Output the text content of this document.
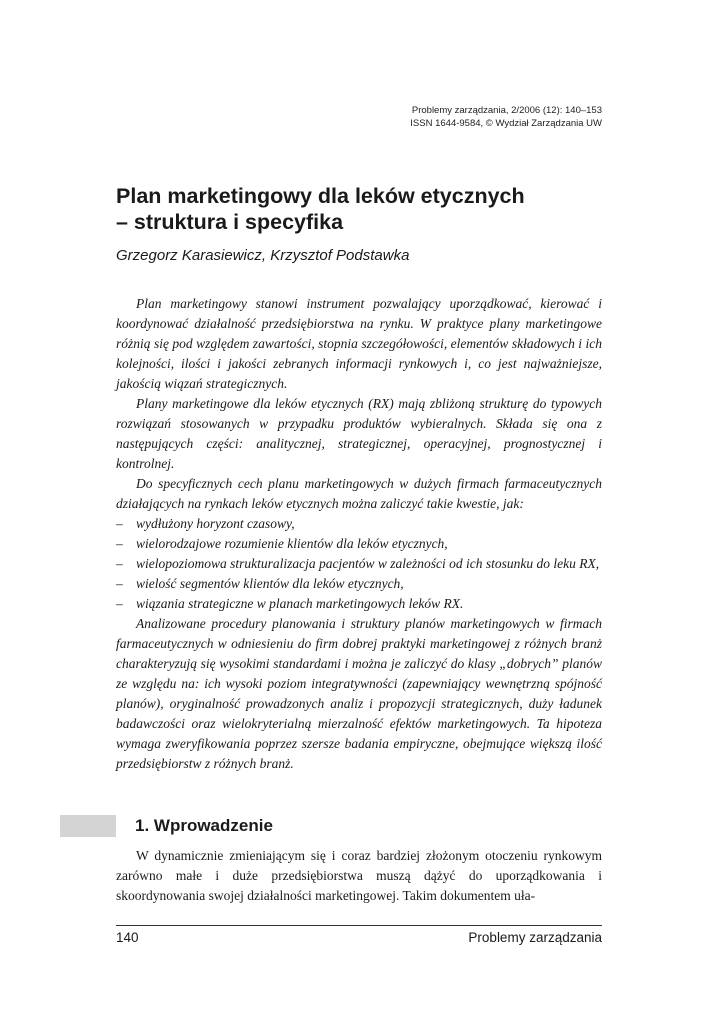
Problemy zarządzania, 2/2006 (12): 140–153
ISSN 1644-9584, © Wydział Zarządzania UW
Plan marketingowy dla leków etycznych
– struktura i specyfika
Grzegorz Karasiewicz, Krzysztof Podstawka

Plan marketingowy stanowi instrument pozwalający uporządkować, kierować i koordynować działalność przedsiębiorstwa na rynku. W praktyce plany marketingowe różnią się pod względem zawartości, stopnia szczegółowości, elementów składowych i ich kolejności, ilości i jakości zebranych informacji rynkowych i, co jest najważniejsze, jakością wiązań strategicznych.

Plany marketingowe dla leków etycznych (RX) mają zbliżoną strukturę do typowych rozwiązań stosowanych w przypadku produktów wybieralnych. Składa się ona z następujących części: analitycznej, strategicznej, operacyjnej, prognostycznej i kontrolnej.

Do specyficznych cech planu marketingowych w dużych firmach farmaceutycznych działających na rynkach leków etycznych można zaliczyć takie kwestie, jak:

– wydłużony horyzont czasowy,
– wielorodzajowe rozumienie klientów dla leków etycznych,
– wielopoziomowa strukturalizacja pacjentów w zależności od ich stosunku do leku RX,
– wielość segmentów klientów dla leków etycznych,
– wiązania strategiczne w planach marketingowych leków RX.

Analizowane procedury planowania i struktury planów marketingowych w firmach farmaceutycznych w odniesieniu do firm dobrej praktyki marketingowej z różnych branż charakteryzują się wysokimi standardami i można je zaliczyć do klasy „dobrych” planów ze względu na: ich wysoki poziom integratywności (zapewniający wewnętrzną spójność planów), oryginalność prowadzonych analiz i propozycji strategicznych, duży ładunek badawczości oraz wielokryterialną mierzalność efektów marketingowych. Ta hipoteza wymaga zweryfikowania poprzez szersze badania empiryczne, obejmujące większą ilość przedsiębiorstw z różnych branż.

1. Wprowadzenie

W dynamicznie zmieniającym się i coraz bardziej złożonym otoczeniu rynkowym zarówno małe i duże przedsiębiorstwa muszą dążyć do uporządkowania i skoordynowania swojej działalności marketingowej. Takim dokumentem uła-

140	Problemy zarządzania
